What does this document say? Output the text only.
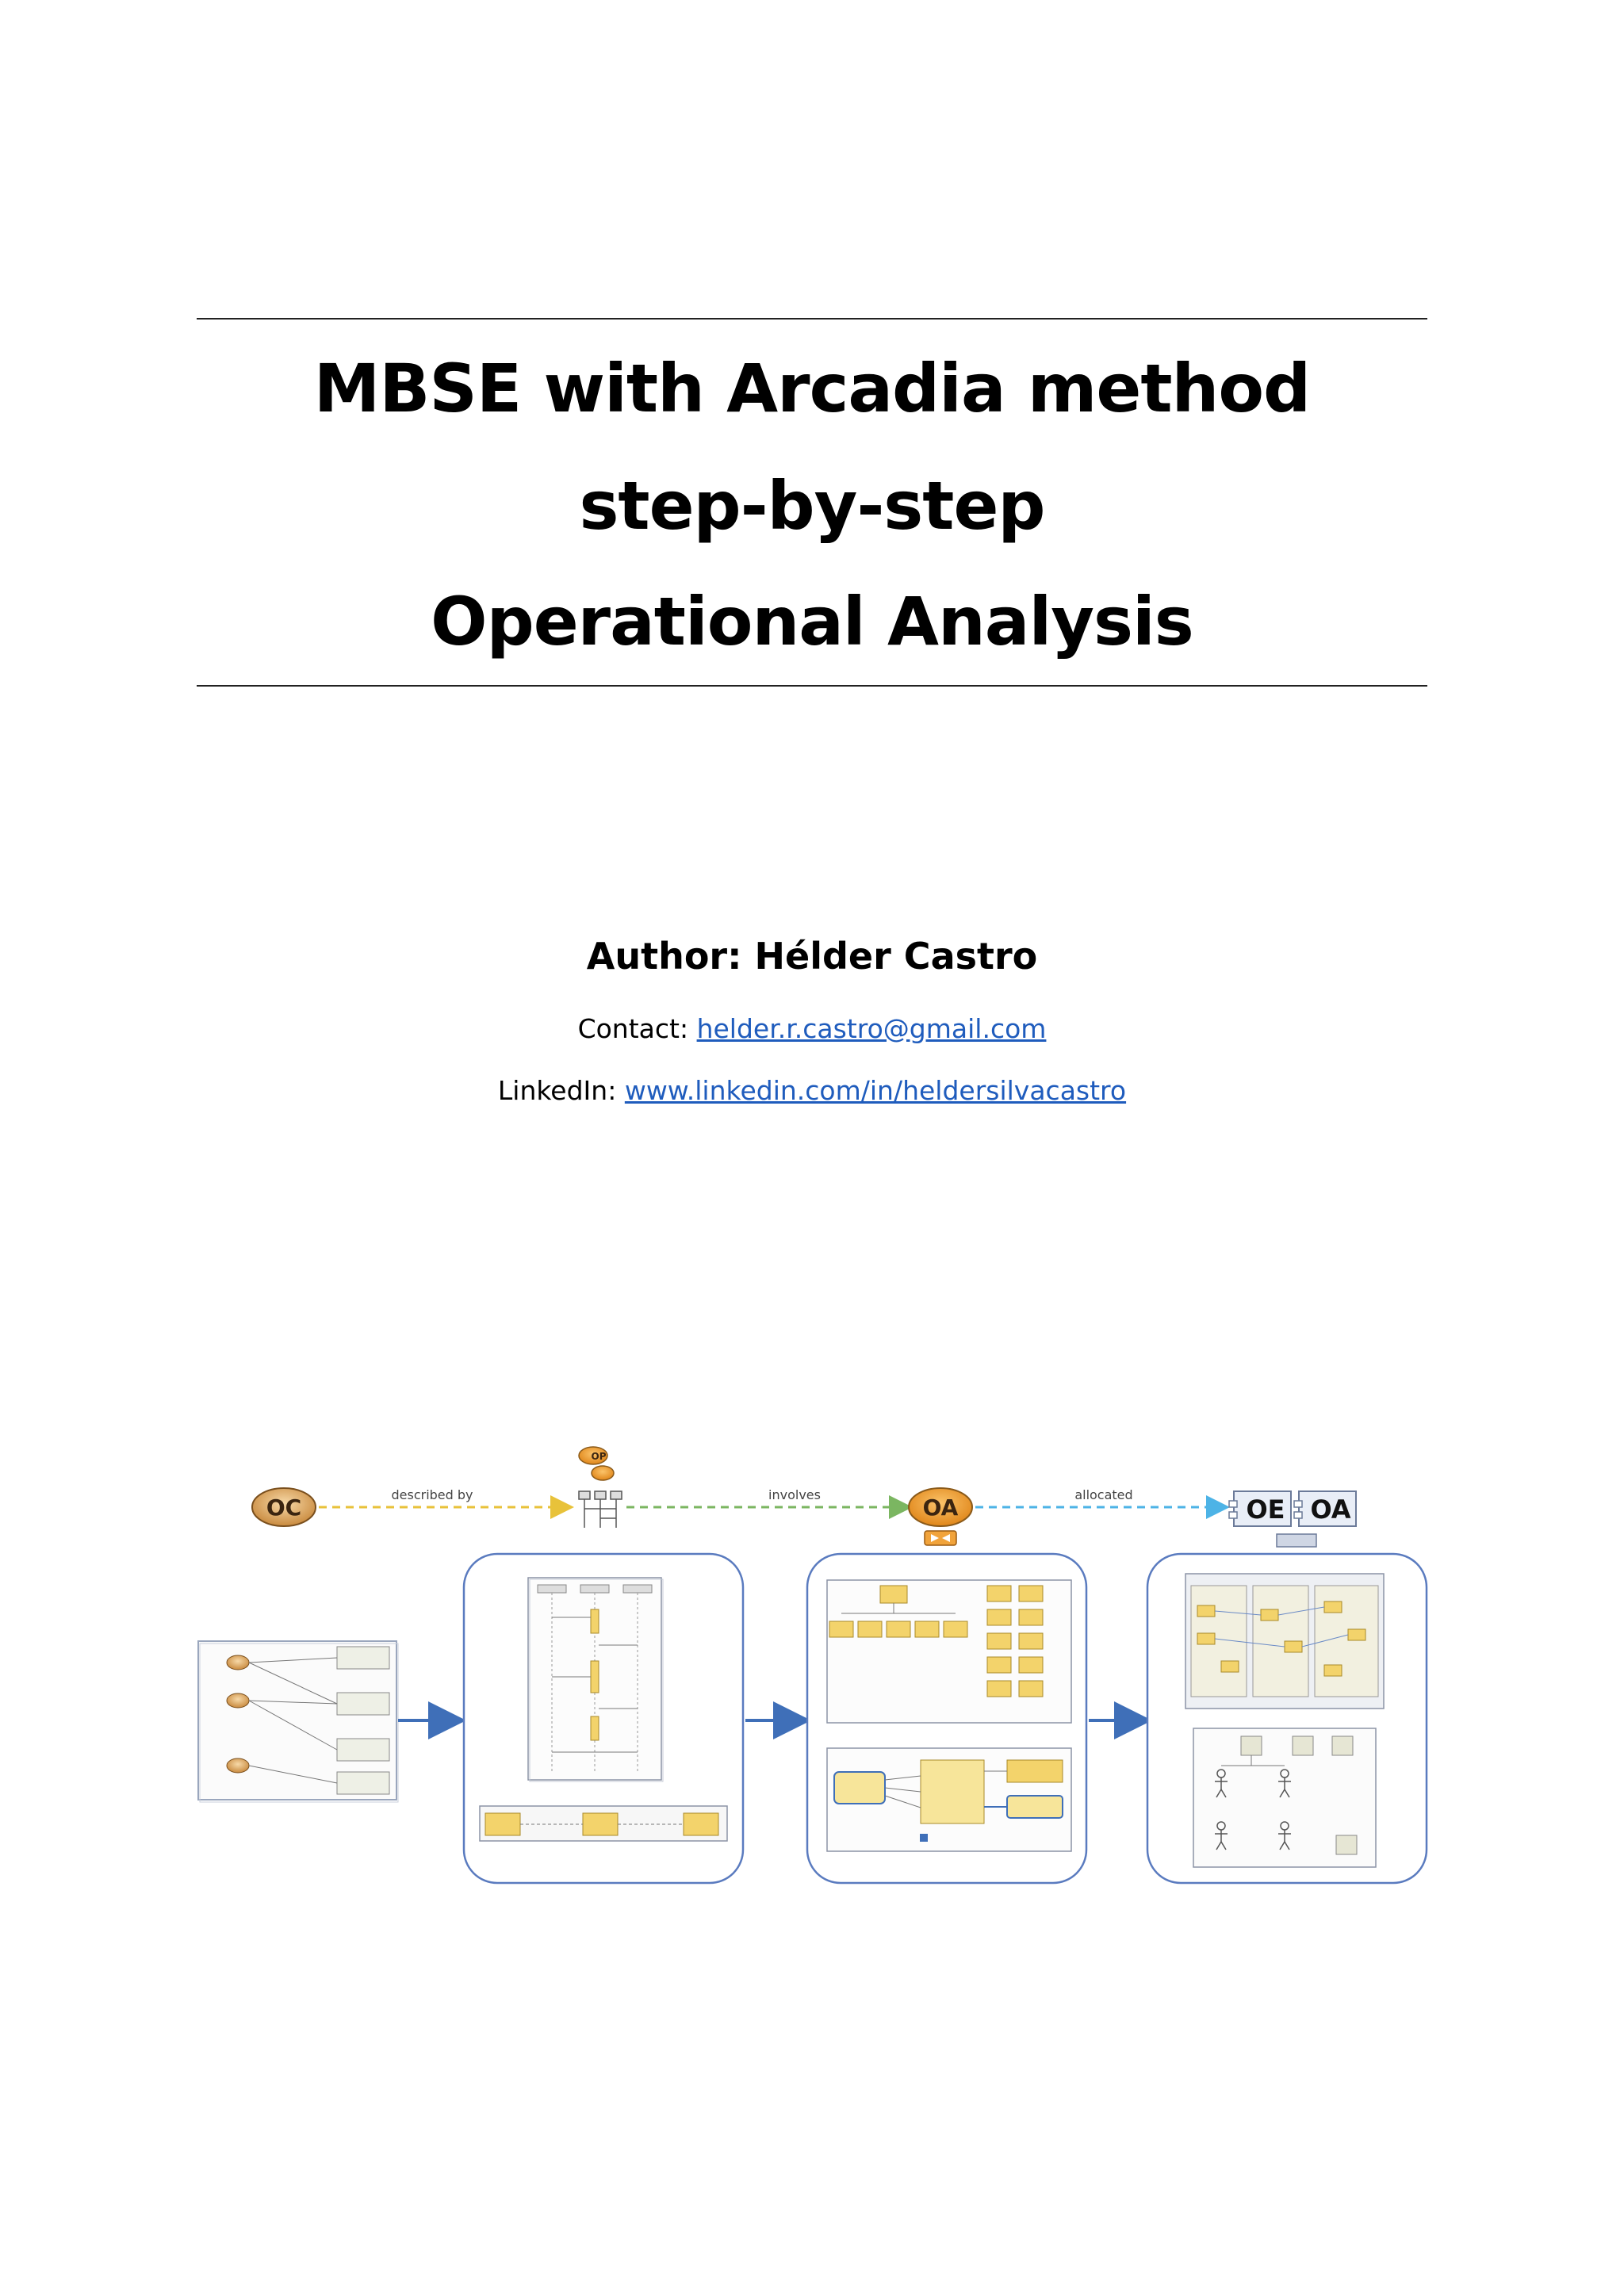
MBSE with Arcadia method
step-by-step
Operational Analysis
Author: Hélder Castro
Contact: helder.r.castro@gmail.com
LinkedIn: www.linkedin.com/in/heldersilvacastro
OC	described by
OP
involves	OA	allocated	OE OA
